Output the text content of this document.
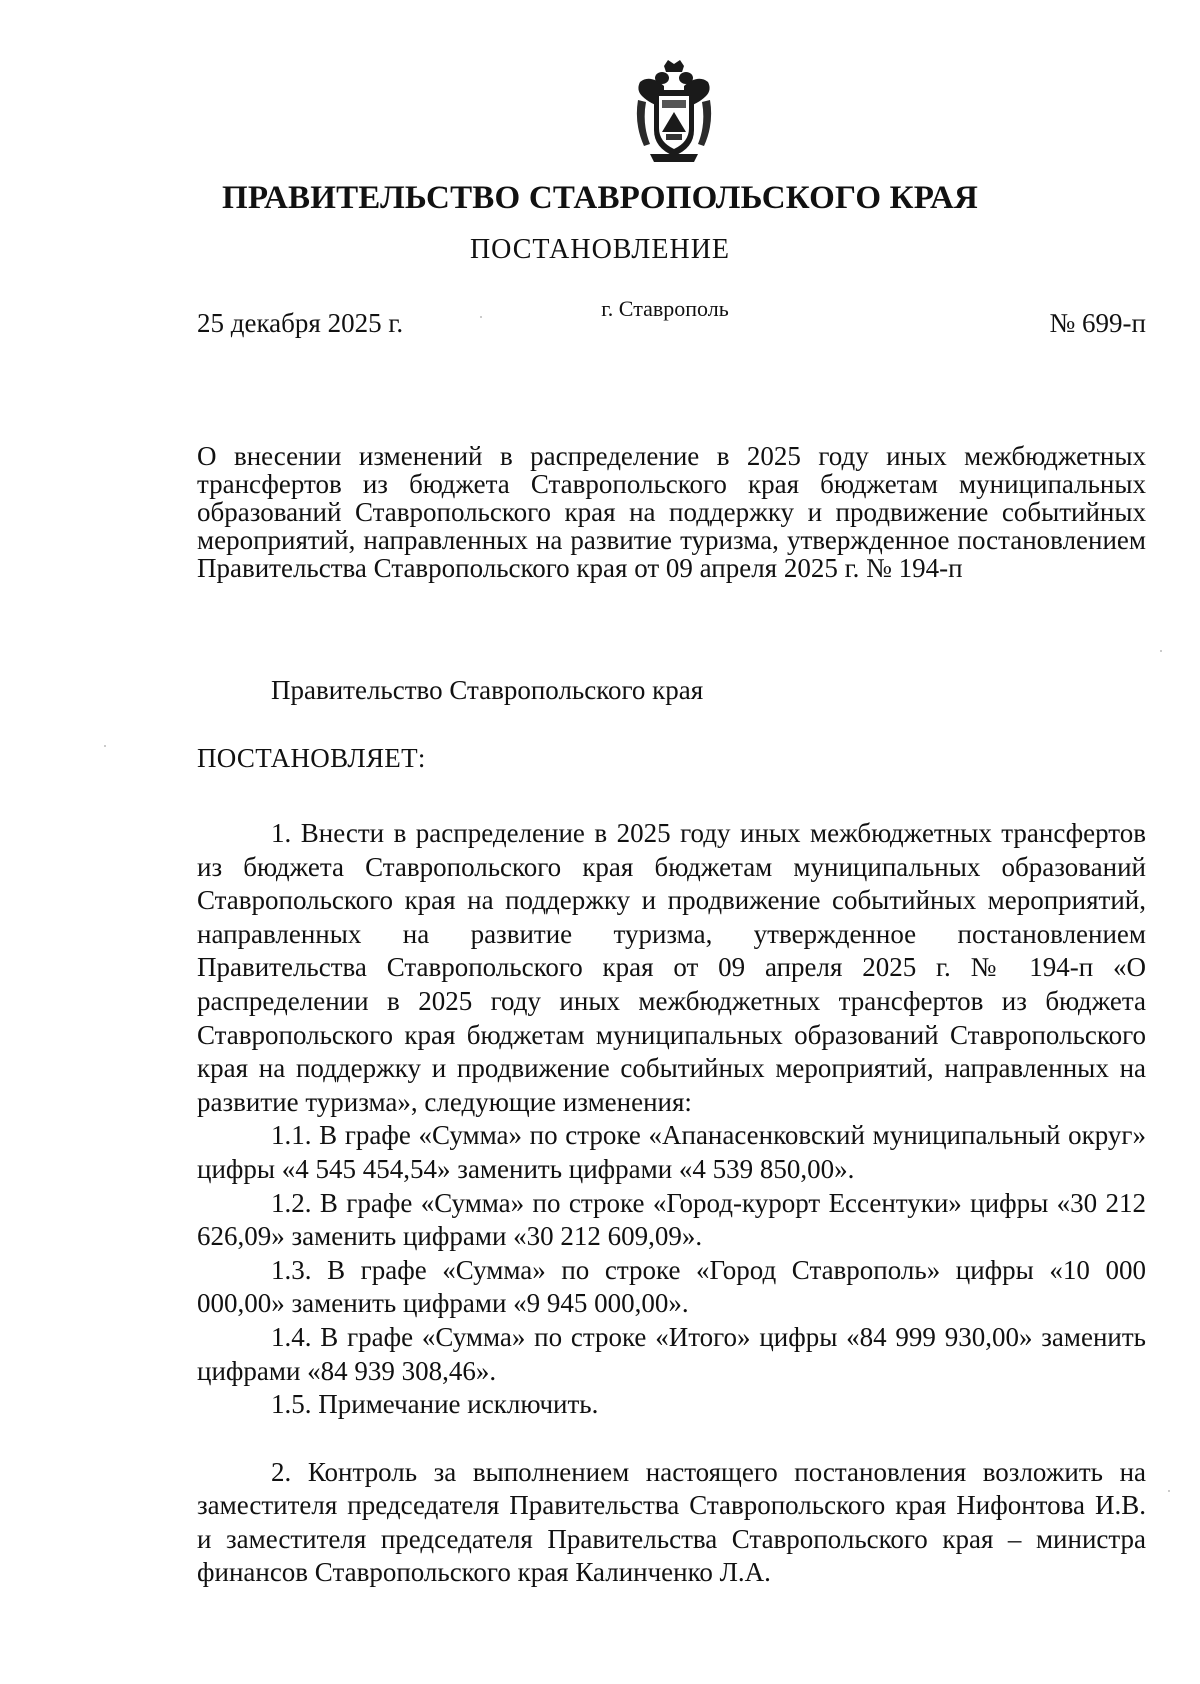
ПРАВИТЕЛЬСТВО СТАВРОПОЛЬСКОГО КРАЯ
ПОСТАНОВЛЕНИЕ
25 декабря 2025 г.	г. Ставрополь	№ 699-п
О внесении изменений в распределение в 2025 году иных межбюджетных трансфертов из бюджета Ставропольского края бюджетам муниципальных образований Ставропольского края на поддержку и продвижение событийных мероприятий, направленных на развитие туризма, утвержденное постановлением Правительства Ставропольского края от 09 апреля 2025 г. № 194-п
Правительство Ставропольского края
ПОСТАНОВЛЯЕТ:

1. Внести в распределение в 2025 году иных межбюджетных трансфертов из бюджета Ставропольского края бюджетам муниципальных образований Ставропольского края на поддержку и продвижение событийных мероприятий, направленных на развитие туризма, утвержденное постановлением Правительства Ставропольского края от 09 апреля 2025 г. № 194-п «О распределении в 2025 году иных межбюджетных трансфертов из бюджета Ставропольского края бюджетам муниципальных образований Ставропольского края на поддержку и продвижение событийных мероприятий, направленных на развитие туризма», следующие изменения:

1.1. В графе «Сумма» по строке «Апанасенковский муниципальный округ» цифры «4 545 454,54» заменить цифрами «4 539 850,00».

1.2. В графе «Сумма» по строке «Город-курорт Ессентуки» цифры «30 212 626,09» заменить цифрами «30 212 609,09».

1.3. В графе «Сумма» по строке «Город Ставрополь» цифры «10 000 000,00» заменить цифрами «9 945 000,00».

1.4. В графе «Сумма» по строке «Итого» цифры «84 999 930,00» заменить цифрами «84 939 308,46».

1.5. Примечание исключить.

2. Контроль за выполнением настоящего постановления возложить на заместителя председателя Правительства Ставропольского края Нифонтова И.В. и заместителя председателя Правительства Ставропольского края – министра финансов Ставропольского края Калинченко Л.А.
